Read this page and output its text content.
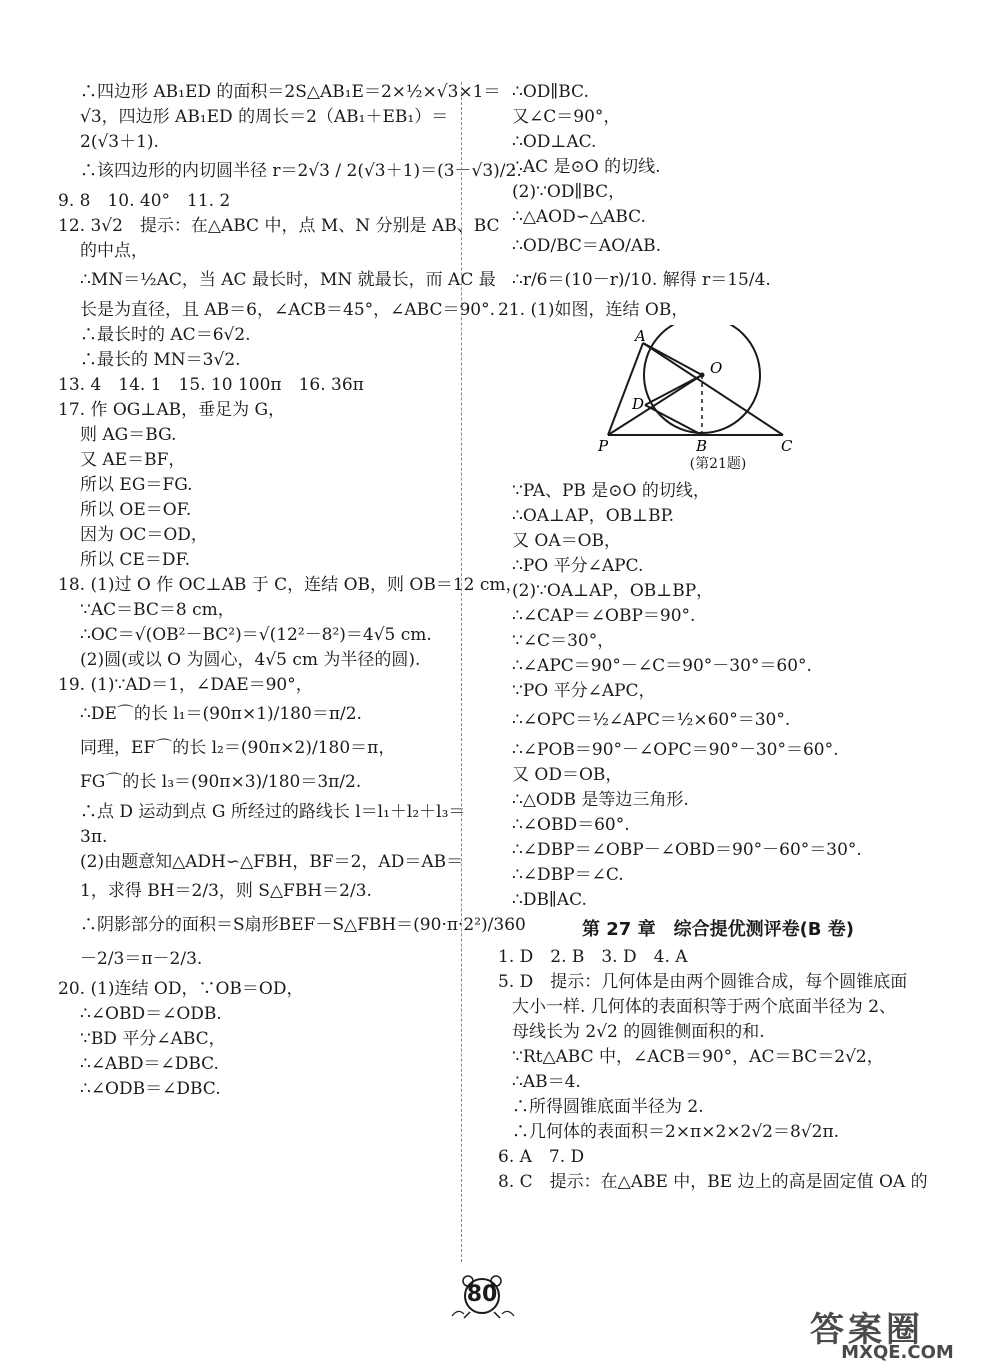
∴四边形 AB₁ED 的面积＝2S△AB₁E＝2×½×√3×1＝
√3，四边形 AB₁ED 的周长＝2（AB₁＋EB₁）＝
2(√3＋1).
∴该四边形的内切圆半径 r＝2√3 / 2(√3＋1)＝(3－√3)/2.
9. 8　10. 40°　11. 2
12. 3√2　提示：在△ABC 中，点 M、N 分别是 AB、BC
的中点，
∴MN＝½AC，当 AC 最长时，MN 就最长，而 AC 最
长是为直径，且 AB＝6，∠ACB＝45°，∠ABC＝90°.
∴最长时的 AC＝6√2.
∴最长的 MN＝3√2.
13. 4　14. 1　15. 10 100π　16. 36π
17. 作 OG⊥AB，垂足为 G，
则 AG＝BG.
又 AE＝BF，
所以 EG＝FG.
所以 OE＝OF.
因为 OC＝OD，
所以 CE＝DF.
18. (1)过 O 作 OC⊥AB 于 C，连结 OB，则 OB＝12 cm，
∵AC＝BC＝8 cm，
∴OC＝√(OB²－BC²)＝√(12²－8²)＝4√5 cm.
(2)圆(或以 O 为圆心，4√5 cm 为半径的圆).
19. (1)∵AD＝1，∠DAE＝90°，
∴DE⌒的长 l₁＝(90π×1)/180＝π/2.
同理，EF⌒的长 l₂＝(90π×2)/180＝π，
FG⌒的长 l₃＝(90π×3)/180＝3π/2.
∴点 D 运动到点 G 所经过的路线长 l＝l₁＋l₂＋l₃＝
3π.
(2)由题意知△ADH∽△FBH，BF＝2，AD＝AB＝
1，求得 BH＝2/3，则 S△FBH＝2/3.
∴阴影部分的面积＝S扇形BEF－S△FBH＝(90·π·2²)/360
－2/3＝π－2/3.
20. (1)连结 OD，∵OB＝OD，
∴∠OBD＝∠ODB.
∵BD 平分∠ABC，
∴∠ABD＝∠DBC.
∴∠ODB＝∠DBC.
∴OD∥BC.
又∠C＝90°，
∴OD⊥AC.
∴AC 是⊙O 的切线.
(2)∵OD∥BC，
∴△AOD∽△ABC.
∴OD/BC＝AO/AB.
∴r/6＝(10－r)/10. 解得 r＝15/4.
21. (1)如图，连结 OB，
A
O
D
P	B	C
(第21题)
∵PA、PB 是⊙O 的切线，
∴OA⊥AP，OB⊥BP.
又 OA＝OB，
∴PO 平分∠APC.
(2)∵OA⊥AP，OB⊥BP，
∴∠CAP＝∠OBP＝90°.
∵∠C＝30°，
∴∠APC＝90°－∠C＝90°－30°＝60°.
∵PO 平分∠APC，
∴∠OPC＝½∠APC＝½×60°＝30°.
∴∠POB＝90°－∠OPC＝90°－30°＝60°.
又 OD＝OB，
∴△ODB 是等边三角形.
∴∠OBD＝60°.
∴∠DBP＝∠OBP－∠OBD＝90°－60°＝30°.
∴∠DBP＝∠C.
∴DB∥AC.
第 27 章　综合提优测评卷(B 卷)
1. D　2. B　3. D　4. A
5. D　提示：几何体是由两个圆锥合成，每个圆锥底面
大小一样. 几何体的表面积等于两个底面半径为 2、
母线长为 2√2 的圆锥侧面积的和.
∵Rt△ABC 中，∠ACB＝90°，AC＝BC＝2√2，
∴AB＝4.
∴所得圆锥底面半径为 2.
∴几何体的表面积＝2×π×2×2√2＝8√2π.
6. A　7. D
8. C　提示：在△ABE 中，BE 边上的高是固定值 OA 的
80
答案圈
MXQE.COM
